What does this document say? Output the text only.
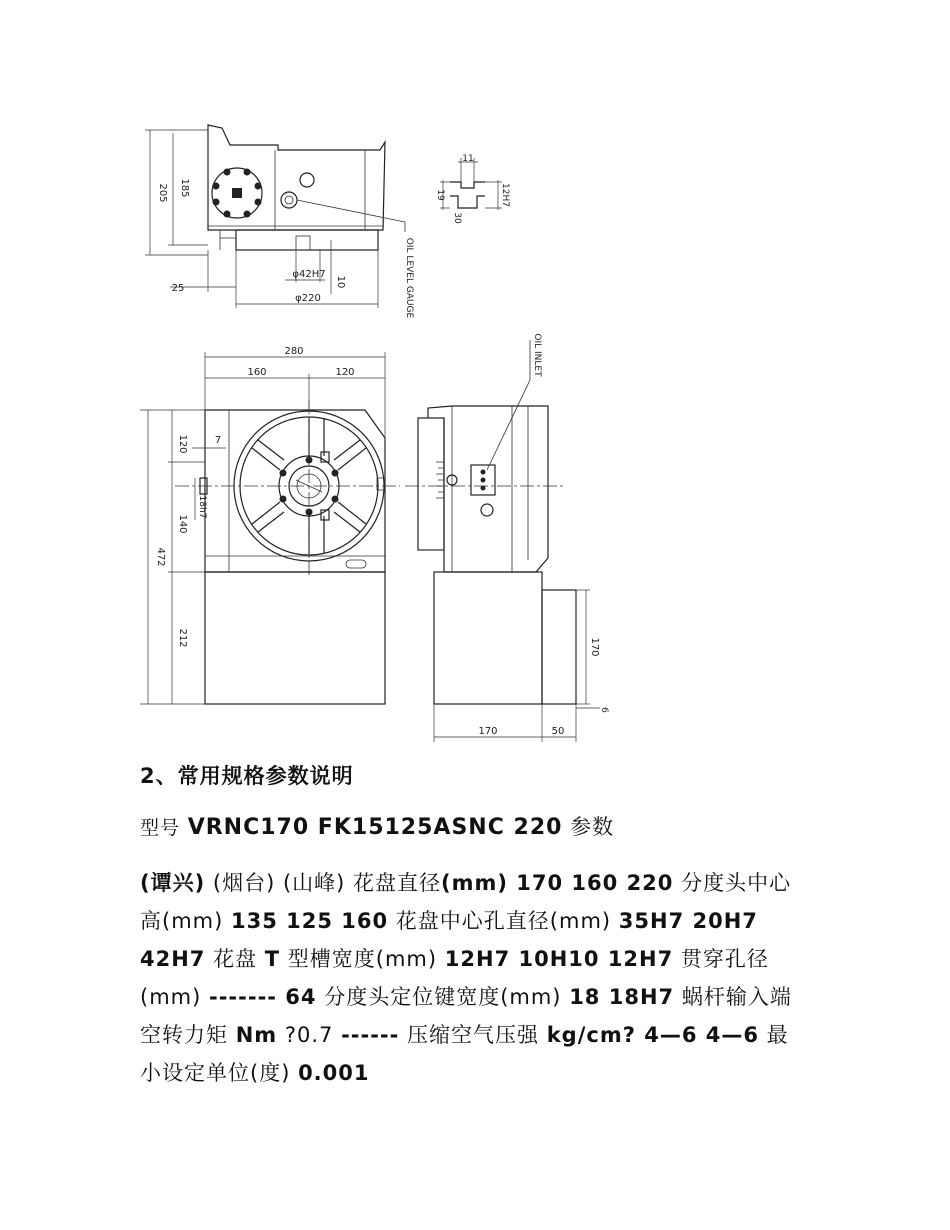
205 185
25
φ220
φ42H7
10	OIL LEVEL GAUGE
11
12H7
19
30
280
160	120
472
120
140
212
7
18h7
OIL INLET
170
6
170	50
2、常用规格参数说明
型号 VRNC170 FK15125ASNC 220 参数
(谭兴) (烟台) (山峰) 花盘直径(mm) 170 160 220 分度头中心高(mm) 135 125 160 花盘中心孔直径(mm) 35H7 20H7 42H7 花盘 T 型槽宽度(mm) 12H7 10H10 12H7 贯穿孔径(mm) ------- 64 分度头定位键宽度(mm) 18 18H7 蜗杆输入端空转力矩 Nm ?0.7 ------ 压缩空气压强 kg/cm? 4—6 4—6 最小设定单位(度) 0.001
